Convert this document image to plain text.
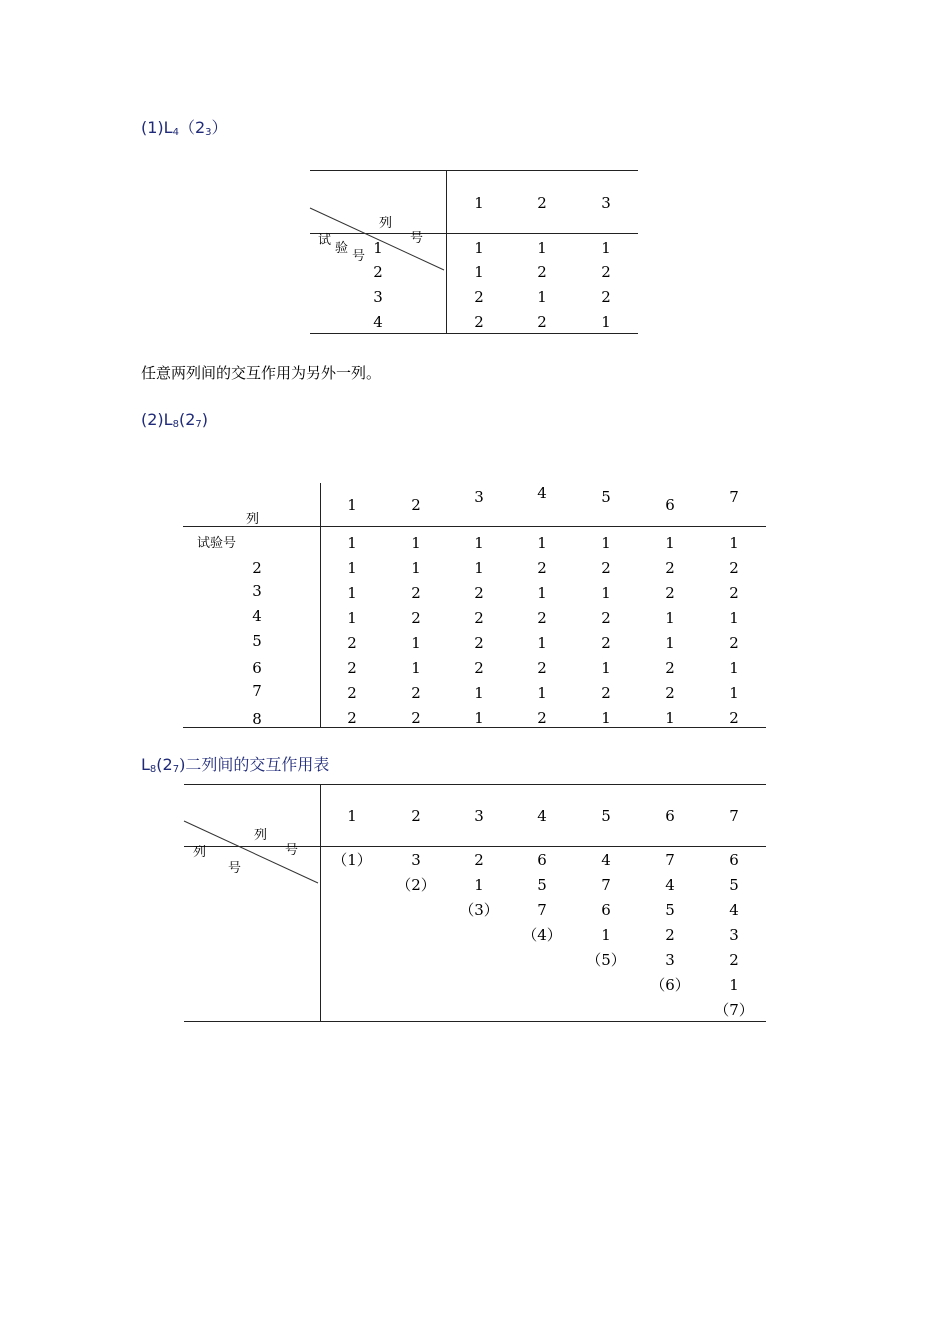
$(1)L_4(2_3)$
列
号
试
验
号
1	2	3
1	1	1	1
2	1	2	2
3	2	1	2
4	2	2	1
任意两列间的交互作用为另外一列。
$(2)L_8(2_7)$
列
试验号
1	2	3	4	5	6	7
1	1	1	1	1	1	1
2	1	1	1	2	2	2	2
3	1	2	2	1	1	2	2
4	1	2	2	2	2	1	1
5	2	1	2	1	2	1	2
6	2	1	2	2	1	2	1
7	2	2	1	1	2	2	1
8	2	2	1	2	1	1	2
$L_8(2_7)$二列间的交互作用表
列
号
列
号
1	2	3	4	5	6	7
（1）	3	2	6	4	7	6
（2）	1	5	7	4	5
（3）	7	6	5	4
（4）	1	2	3
（5）	3	2
（6）	1
（7）
